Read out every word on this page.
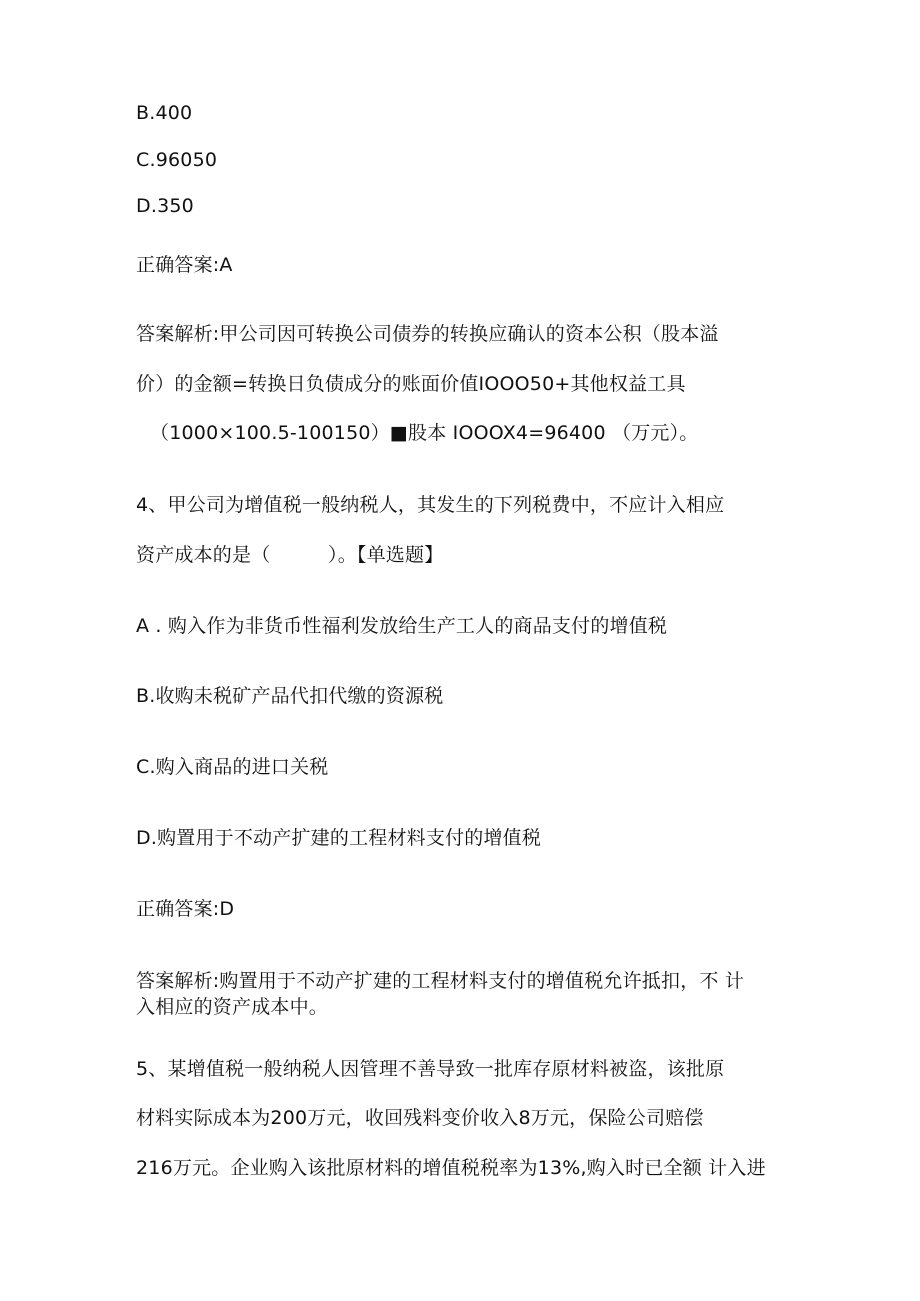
B.400
C.96050
D.350
正确答案:A
答案解析:甲公司因可转换公司债券的转换应确认的资本公积（股本溢
价）的金额=转换日负债成分的账面价值IOOO50+其他权益工具
（1000×100.5-100150）■股本 IOOOX4=96400 （万元）。
4、甲公司为增值税一般纳税人，其发生的下列税费中，不应计入相应
资产成本的是（　　　）。【单选题】
A . 购入作为非货币性福利发放给生产工人的商品支付的增值税
B.收购未税矿产品代扣代缴的资源税
C.购入商品的进口关税
D.购置用于不动产扩建的工程材料支付的增值税
正确答案:D
答案解析:购置用于不动产扩建的工程材料支付的增值税允许抵扣，不 计
入相应的资产成本中。
5、某增值税一般纳税人因管理不善导致一批库存原材料被盗，该批原
材料实际成本为200万元，收回残料变价收入8万元，保险公司赔偿
216万元。企业购入该批原材料的增值税税率为13%,购入时已全额 计入进
